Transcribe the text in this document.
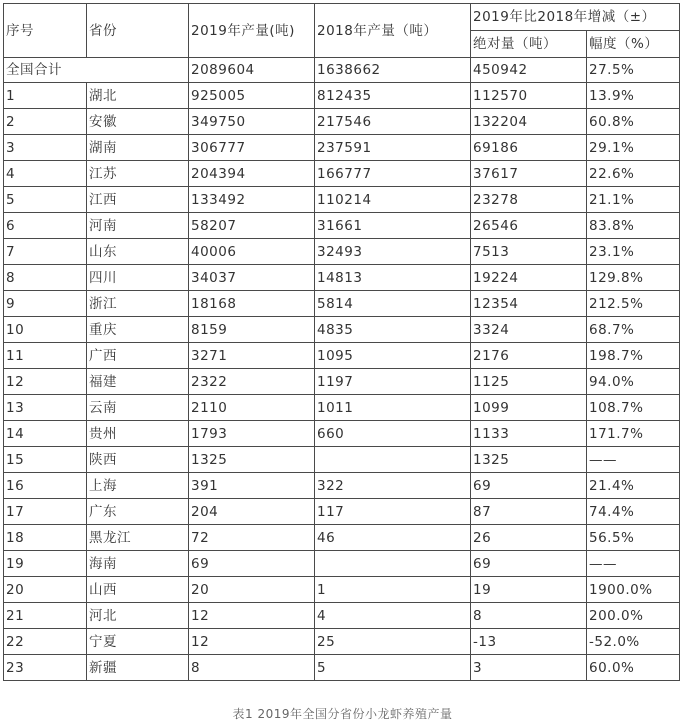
序号	省份	2019年产量(吨)	2018年产量（吨）	2019年比2018年增减（±）	
				绝对量（吨）	幅度（%）
全国合计		2089604	1638662	450942	27.5%
1	湖北	925005	812435	112570	13.9%
2	安徽	349750	217546	132204	60.8%
3	湖南	306777	237591	69186	29.1%
4	江苏	204394	166777	37617	22.6%
5	江西	133492	110214	23278	21.1%
6	河南	58207	31661	26546	83.8%
7	山东	40006	32493	7513	23.1%
8	四川	34037	14813	19224	129.8%
9	浙江	18168	5814	12354	212.5%
10	重庆	8159	4835	3324	68.7%
11	广西	3271	1095	2176	198.7%
12	福建	2322	1197	1125	94.0%
13	云南	2110	1011	1099	108.7%
14	贵州	1793	660	1133	171.7%
15	陕西	1325		1325	——
16	上海	391	322	69	21.4%
17	广东	204	117	87	74.4%
18	黑龙江	72	46	26	56.5%
19	海南	69		69	——
20	山西	20	1	19	1900.0%
21	河北	12	4	8	200.0%
22	宁夏	12	25	-13	-52.0%
23	新疆	8	5	3	60.0%
表1 2019年全国分省份小龙虾养殖产量
